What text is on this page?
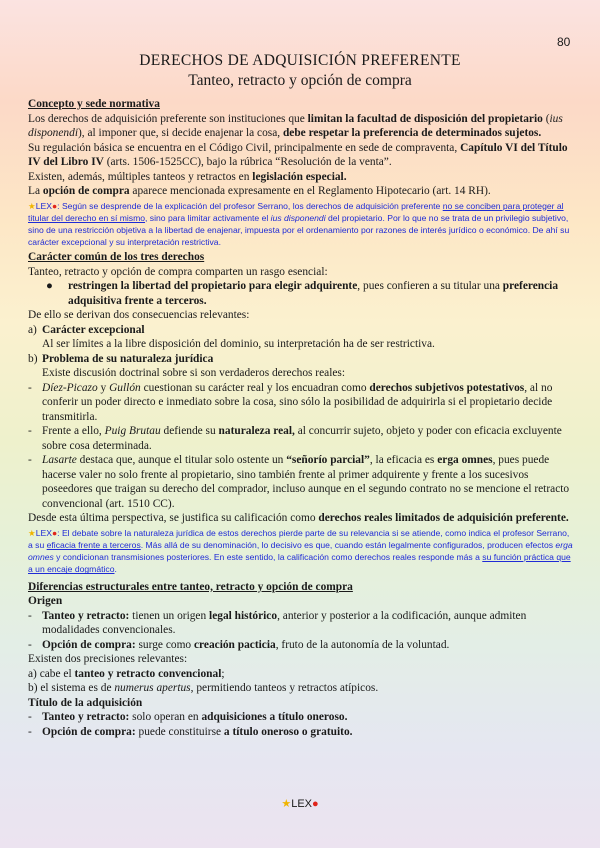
80
DERECHOS DE ADQUISICIÓN PREFERENTE
Tanteo, retracto y opción de compra
Concepto y sede normativa
Los derechos de adquisición preferente son instituciones que limitan la facultad de disposición del propietario (ius disponendi), al imponer que, si decide enajenar la cosa, debe respetar la preferencia de determinados sujetos.
Su regulación básica se encuentra en el Código Civil, principalmente en sede de compraventa, Capítulo VI del Título IV del Libro IV (arts. 1506-1525CC), bajo la rúbrica “Resolución de la venta”.
Existen, además, múltiples tanteos y retractos en legislación especial.
La opción de compra aparece mencionada expresamente en el Reglamento Hipotecario (art. 14 RH).
★LEX●: Según se desprende de la explicación del profesor Serrano, los derechos de adquisición preferente no se conciben para proteger al titular del derecho en sí mismo, sino para limitar activamente el ius disponendi del propietario. Por lo que no se trata de un privilegio subjetivo, sino de una restricción objetiva a la libertad de enajenar, impuesta por el ordenamiento por razones de interés jurídico o económico. De ahí su carácter excepcional y su interpretación restrictiva.
Carácter común de los tres derechos
Tanteo, retracto y opción de compra comparten un rasgo esencial:
●	restringen la libertad del propietario para elegir adquirente, pues confieren a su titular una preferencia adquisitiva frente a terceros.
De ello se derivan dos consecuencias relevantes:
a) Carácter excepcional
Al ser límites a la libre disposición del dominio, su interpretación ha de ser restrictiva.
b) Problema de su naturaleza jurídica
Existe discusión doctrinal sobre si son verdaderos derechos reales:
- Díez-Picazo y Gullón cuestionan su carácter real y los encuadran como derechos subjetivos potestativos, al no conferir un poder directo e inmediato sobre la cosa, sino sólo la posibilidad de adquirirla si el propietario decide transmitirla.
- Frente a ello, Puig Brutau defiende su naturaleza real, al concurrir sujeto, objeto y poder con eficacia excluyente sobre cosa determinada.
- Lasarte destaca que, aunque el titular solo ostente un “señorío parcial”, la eficacia es erga omnes, pues puede hacerse valer no solo frente al propietario, sino también frente al primer adquirente y frente a los sucesivos poseedores que traigan su derecho del comprador, incluso aunque en el segundo contrato no se mencione el retracto convencional (art. 1510 CC).
Desde esta última perspectiva, se justifica su calificación como derechos reales limitados de adquisición preferente.
★LEX●: El debate sobre la naturaleza jurídica de estos derechos pierde parte de su relevancia si se atiende, como indica el profesor Serrano, a su eficacia frente a terceros. Más allá de su denominación, lo decisivo es que, cuando están legalmente configurados, producen efectos erga omnes y condicionan transmisiones posteriores. En este sentido, la calificación como derechos reales responde más a su función práctica que a un encaje dogmático.
Diferencias estructurales entre tanteo, retracto y opción de compra
Origen
- Tanteo y retracto: tienen un origen legal histórico, anterior y posterior a la codificación, aunque admiten modalidades convencionales.
- Opción de compra: surge como creación pacticia, fruto de la autonomía de la voluntad.
Existen dos precisiones relevantes:
a) cabe el tanteo y retracto convencional;
b) el sistema es de numerus apertus, permitiendo tanteos y retractos atípicos.
Título de la adquisición
- Tanteo y retracto: solo operan en adquisiciones a título oneroso.
- Opción de compra: puede constituirse a título oneroso o gratuito.
★LEX●
